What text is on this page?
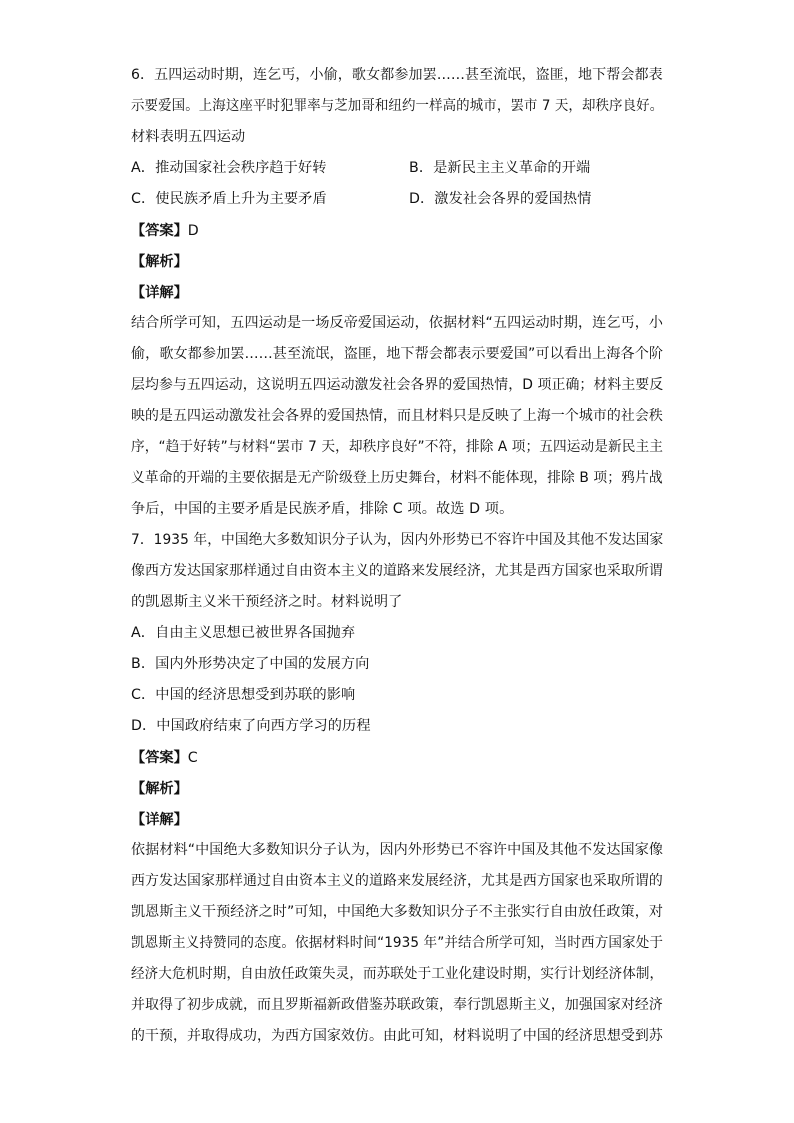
6．五四运动时期，连乞丐，小偷，歌女都参加罢……甚至流氓，盗匪，地下帮会都表
示要爱国。上海这座平时犯罪率与芝加哥和纽约一样高的城市，罢市 7 天，却秩序良好。
材料表明五四运动
A．推动国家社会秩序趋于好转	B．是新民主主义革命的开端
C．使民族矛盾上升为主要矛盾	D．激发社会各界的爱国热情
【答案】D
【解析】
【详解】
结合所学可知，五四运动是一场反帝爱国运动，依据材料“五四运动时期，连乞丐，小
偷，歌女都参加罢……甚至流氓，盗匪，地下帮会都表示要爱国”可以看出上海各个阶
层均参与五四运动，这说明五四运动激发社会各界的爱国热情，D 项正确；材料主要反
映的是五四运动激发社会各界的爱国热情，而且材料只是反映了上海一个城市的社会秩
序，“趋于好转”与材料“罢市 7 天，却秩序良好”不符，排除 A 项；五四运动是新民主主
义革命的开端的主要依据是无产阶级登上历史舞台，材料不能体现，排除 B 项；鸦片战
争后，中国的主要矛盾是民族矛盾，排除 C 项。故选 D 项。
7．1935 年，中国绝大多数知识分子认为，因内外形势已不容许中国及其他不发达国家
像西方发达国家那样通过自由资本主义的道路来发展经济，尤其是西方国家也采取所谓
的凯恩斯主义米干预经济之时。材料说明了
A．自由主义思想已被世界各国抛弃
B．国内外形势决定了中国的发展方向
C．中国的经济思想受到苏联的影响
D．中国政府结束了向西方学习的历程
【答案】C
【解析】
【详解】
依据材料“中国绝大多数知识分子认为，因内外形势已不容许中国及其他不发达国家像
西方发达国家那样通过自由资本主义的道路来发展经济，尤其是西方国家也采取所谓的
凯恩斯主义干预经济之时”可知，中国绝大多数知识分子不主张实行自由放任政策，对
凯恩斯主义持赞同的态度。依据材料时间“1935 年”并结合所学可知，当时西方国家处于
经济大危机时期，自由放任政策失灵，而苏联处于工业化建设时期，实行计划经济体制，
并取得了初步成就，而且罗斯福新政借鉴苏联政策，奉行凯恩斯主义，加强国家对经济
的干预，并取得成功，为西方国家效仿。由此可知，材料说明了中国的经济思想受到苏
